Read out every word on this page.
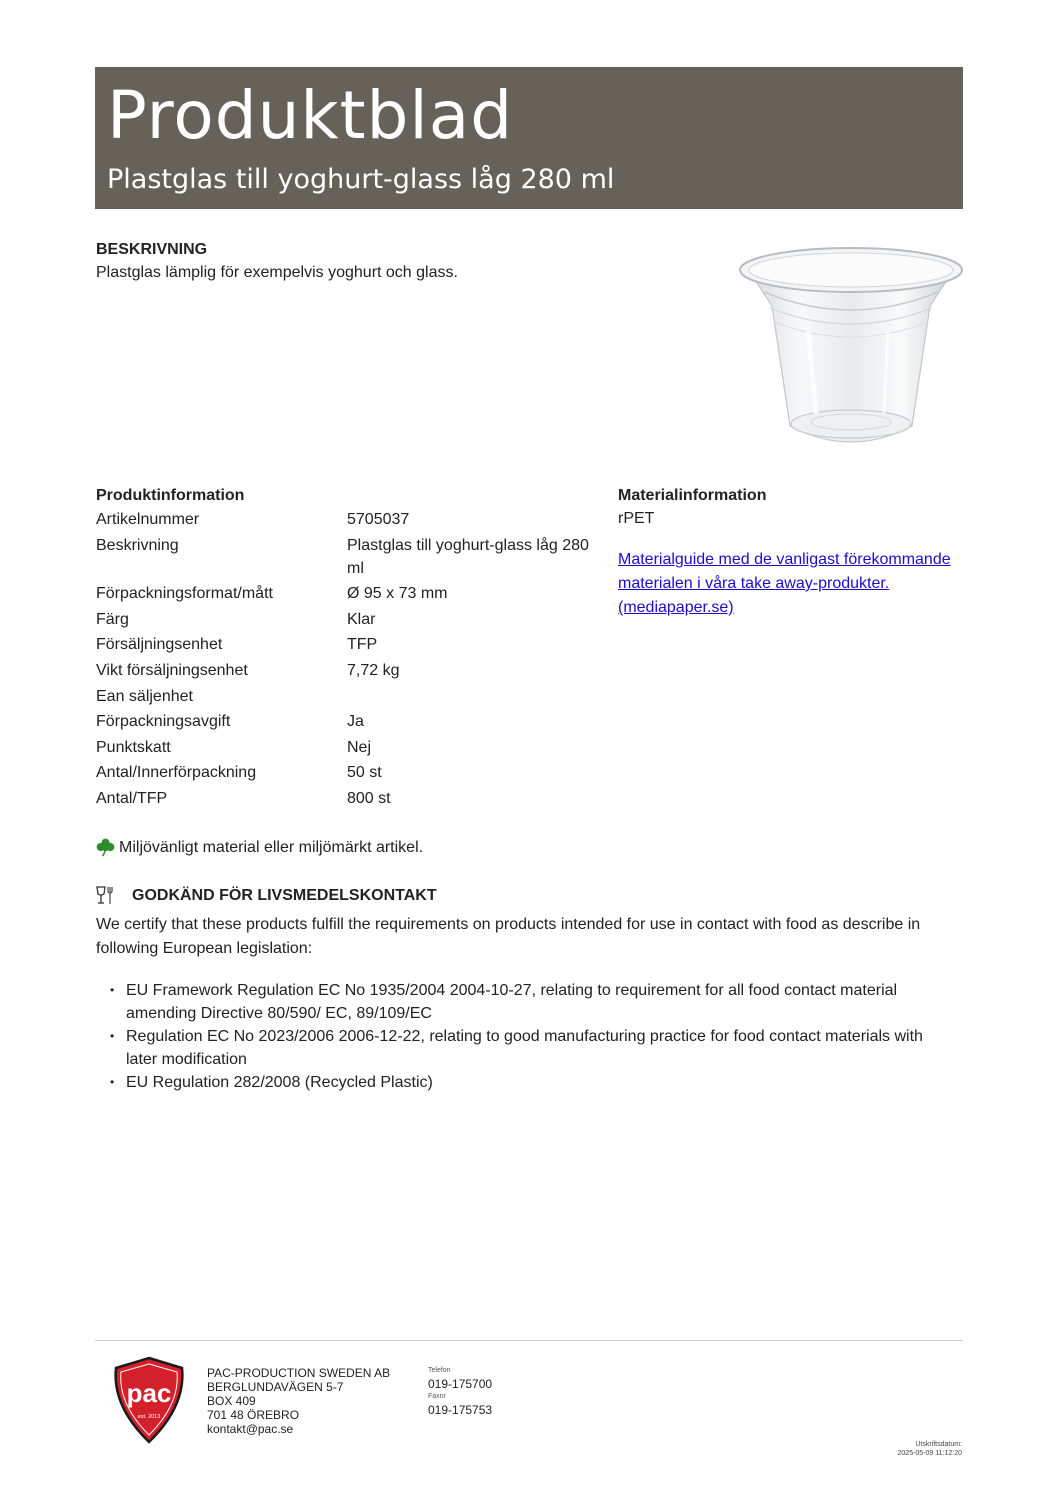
Produktblad
Plastglas till yoghurt-glass låg 280 ml
BESKRIVNING
Plastglas lämplig för exempelvis yoghurt och glass.
Produktinformation
Artikelnummer	5705037
Beskrivning	Plastglas till yoghurt-glass låg 280 ml
Förpackningsformat/mått	Ø 95 x 73 mm
Färg	Klar
Försäljningsenhet	TFP
Vikt försäljningsenhet	7,72 kg
Ean säljenhet
Förpackningsavgift	Ja
Punktskatt	Nej
Antal/Innerförpackning	50 st
Antal/TFP	800 st
Materialinformation
rPET
Materialguide med de vanligast förekommande materialen i våra take away-produkter. (mediapaper.se)
Miljövänligt material eller miljömärkt artikel.
GODKÄND FÖR LIVSMEDELSKONTAKT
We certify that these products fulfill the requirements on products intended for use in contact with food as describe in following European legislation:
• EU Framework Regulation EC No 1935/2004 2004-10-27, relating to requirement for all food contact material amending Directive 80/590/ EC, 89/109/EC
• Regulation EC No 2023/2006 2006-12-22, relating to good manufacturing practice for food contact materials with later modification
• EU Regulation 282/2008 (Recycled Plastic)
pac
est. 2013
PAC-PRODUCTION SWEDEN AB
BERGLUNDAVÄGEN 5-7
BOX 409
701 48 ÖREBRO
kontakt@pac.se
Telefon
019-175700
Faxnr
019-175753
Utskriftsdatum:
2025-05-09 11:12:20
